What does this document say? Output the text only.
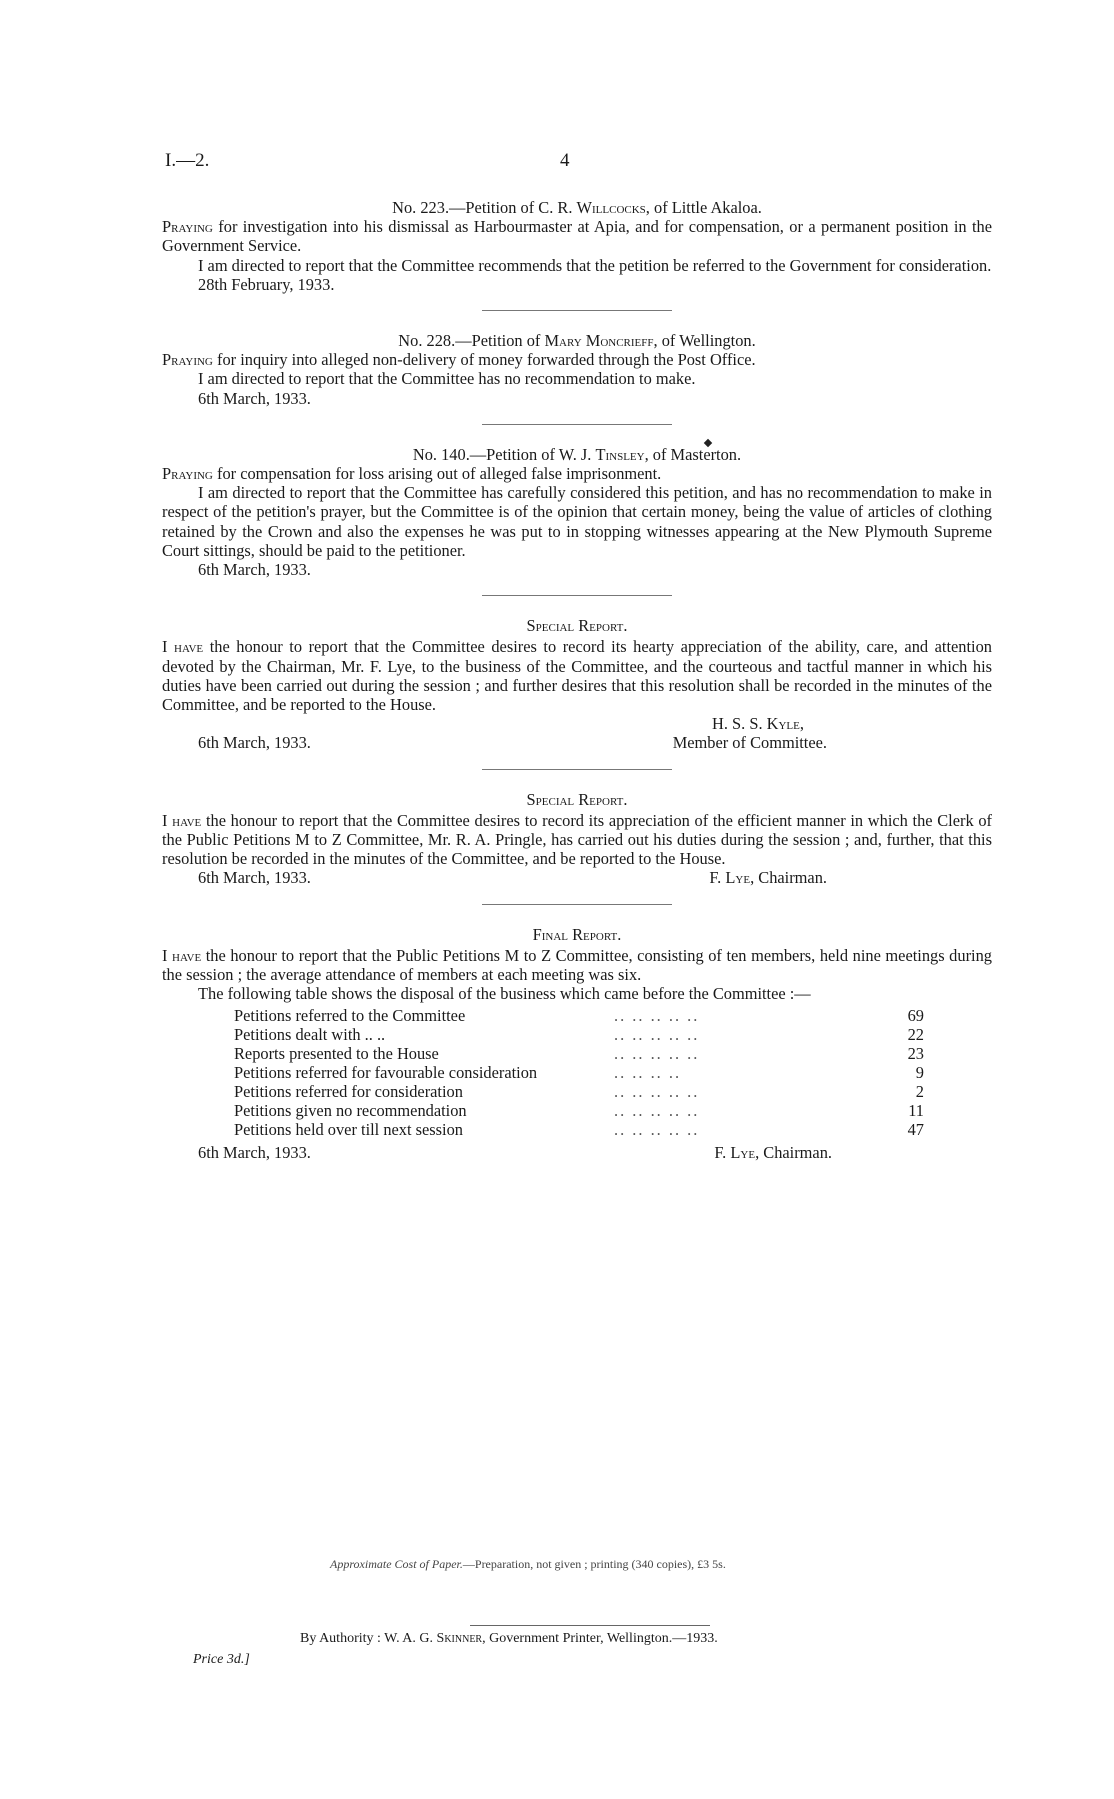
I.—2.	4

No. 223.—Petition of C. R. Willcocks, of Little Akaloa.

Praying for investigation into his dismissal as Harbourmaster at Apia, and for compensation, or a permanent position in the Government Service.

I am directed to report that the Committee recommends that the petition be referred to the Government for consideration.

28th February, 1933.

No. 228.—Petition of Mary Moncrieff, of Wellington.

Praying for inquiry into alleged non-delivery of money forwarded through the Post Office.

I am directed to report that the Committee has no recommendation to make.

6th March, 1933.

No. 140.—Petition of W. J. Tinsley, of Masterton.

Praying for compensation for loss arising out of alleged false imprisonment.

I am directed to report that the Committee has carefully considered this petition, and has no recommendation to make in respect of the petition's prayer, but the Committee is of the opinion that certain money, being the value of articles of clothing retained by the Crown and also the expenses he was put to in stopping witnesses appearing at the New Plymouth Supreme Court sittings, should be paid to the petitioner.

6th March, 1933.

Special Report.

I have the honour to report that the Committee desires to record its hearty appreciation of the ability, care, and attention devoted by the Chairman, Mr. F. Lye, to the business of the Committee, and the courteous and tactful manner in which his duties have been carried out during the session ; and further desires that this resolution shall be recorded in the minutes of the Committee, and be reported to the House.

H. S. S. Kyle,

6th March, 1933.	Member of Committee.

Special Report.

I have the honour to report that the Committee desires to record its appreciation of the efficient manner in which the Clerk of the Public Petitions M to Z Committee, Mr. R. A. Pringle, has carried out his duties during the session ; and, further, that this resolution be recorded in the minutes of the Committee, and be reported to the House.

6th March, 1933.	F. Lye, Chairman.

Final Report.

I have the honour to report that the Public Petitions M to Z Committee, consisting of ten members, held nine meetings during the session ; the average attendance of members at each meeting was six.

The following table shows the disposal of the business which came before the Committee :—

Petitions referred to the Committee	.. .. .. .. ..	69
Petitions dealt with .. ..	.. .. .. .. ..	22
Reports presented to the House	.. .. .. .. ..	23
Petitions referred for favourable consideration	.. .. .. ..	9
Petitions referred for consideration	.. .. .. .. ..	2
Petitions given no recommendation	.. .. .. .. ..	11
Petitions held over till next session	.. .. .. .. ..	47
6th March, 1933.	F. Lye, Chairman.
Approximate Cost of Paper.—Preparation, not given ; printing (340 copies), £3 5s.
By Authority : W. A. G. Skinner, Government Printer, Wellington.—1933.
Price 3d.]
